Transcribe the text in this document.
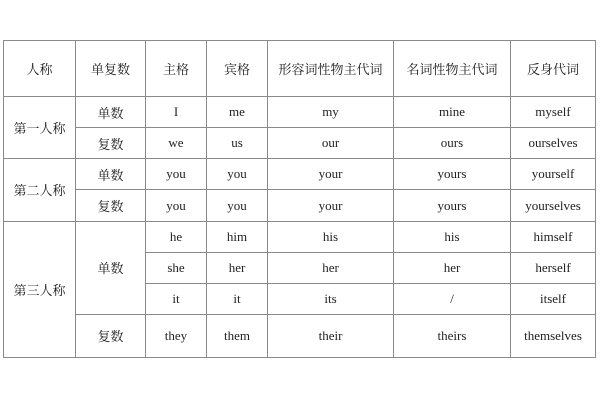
人称	单复数	主格	宾格	形容词性物主代词	名词性物主代词	反身代词
第一人称	单数	I	me	my	mine	myself
	复数	we	us	our	ours	ourselves
第二人称	单数	you	you	your	yours	yourself
	复数	you	you	your	yours	yourselves
第三人称	单数	he	him	his	his	himself
		she	her	her	her	herself
		it	it	its	/	itself
	复数	they	them	their	theirs	themselves
